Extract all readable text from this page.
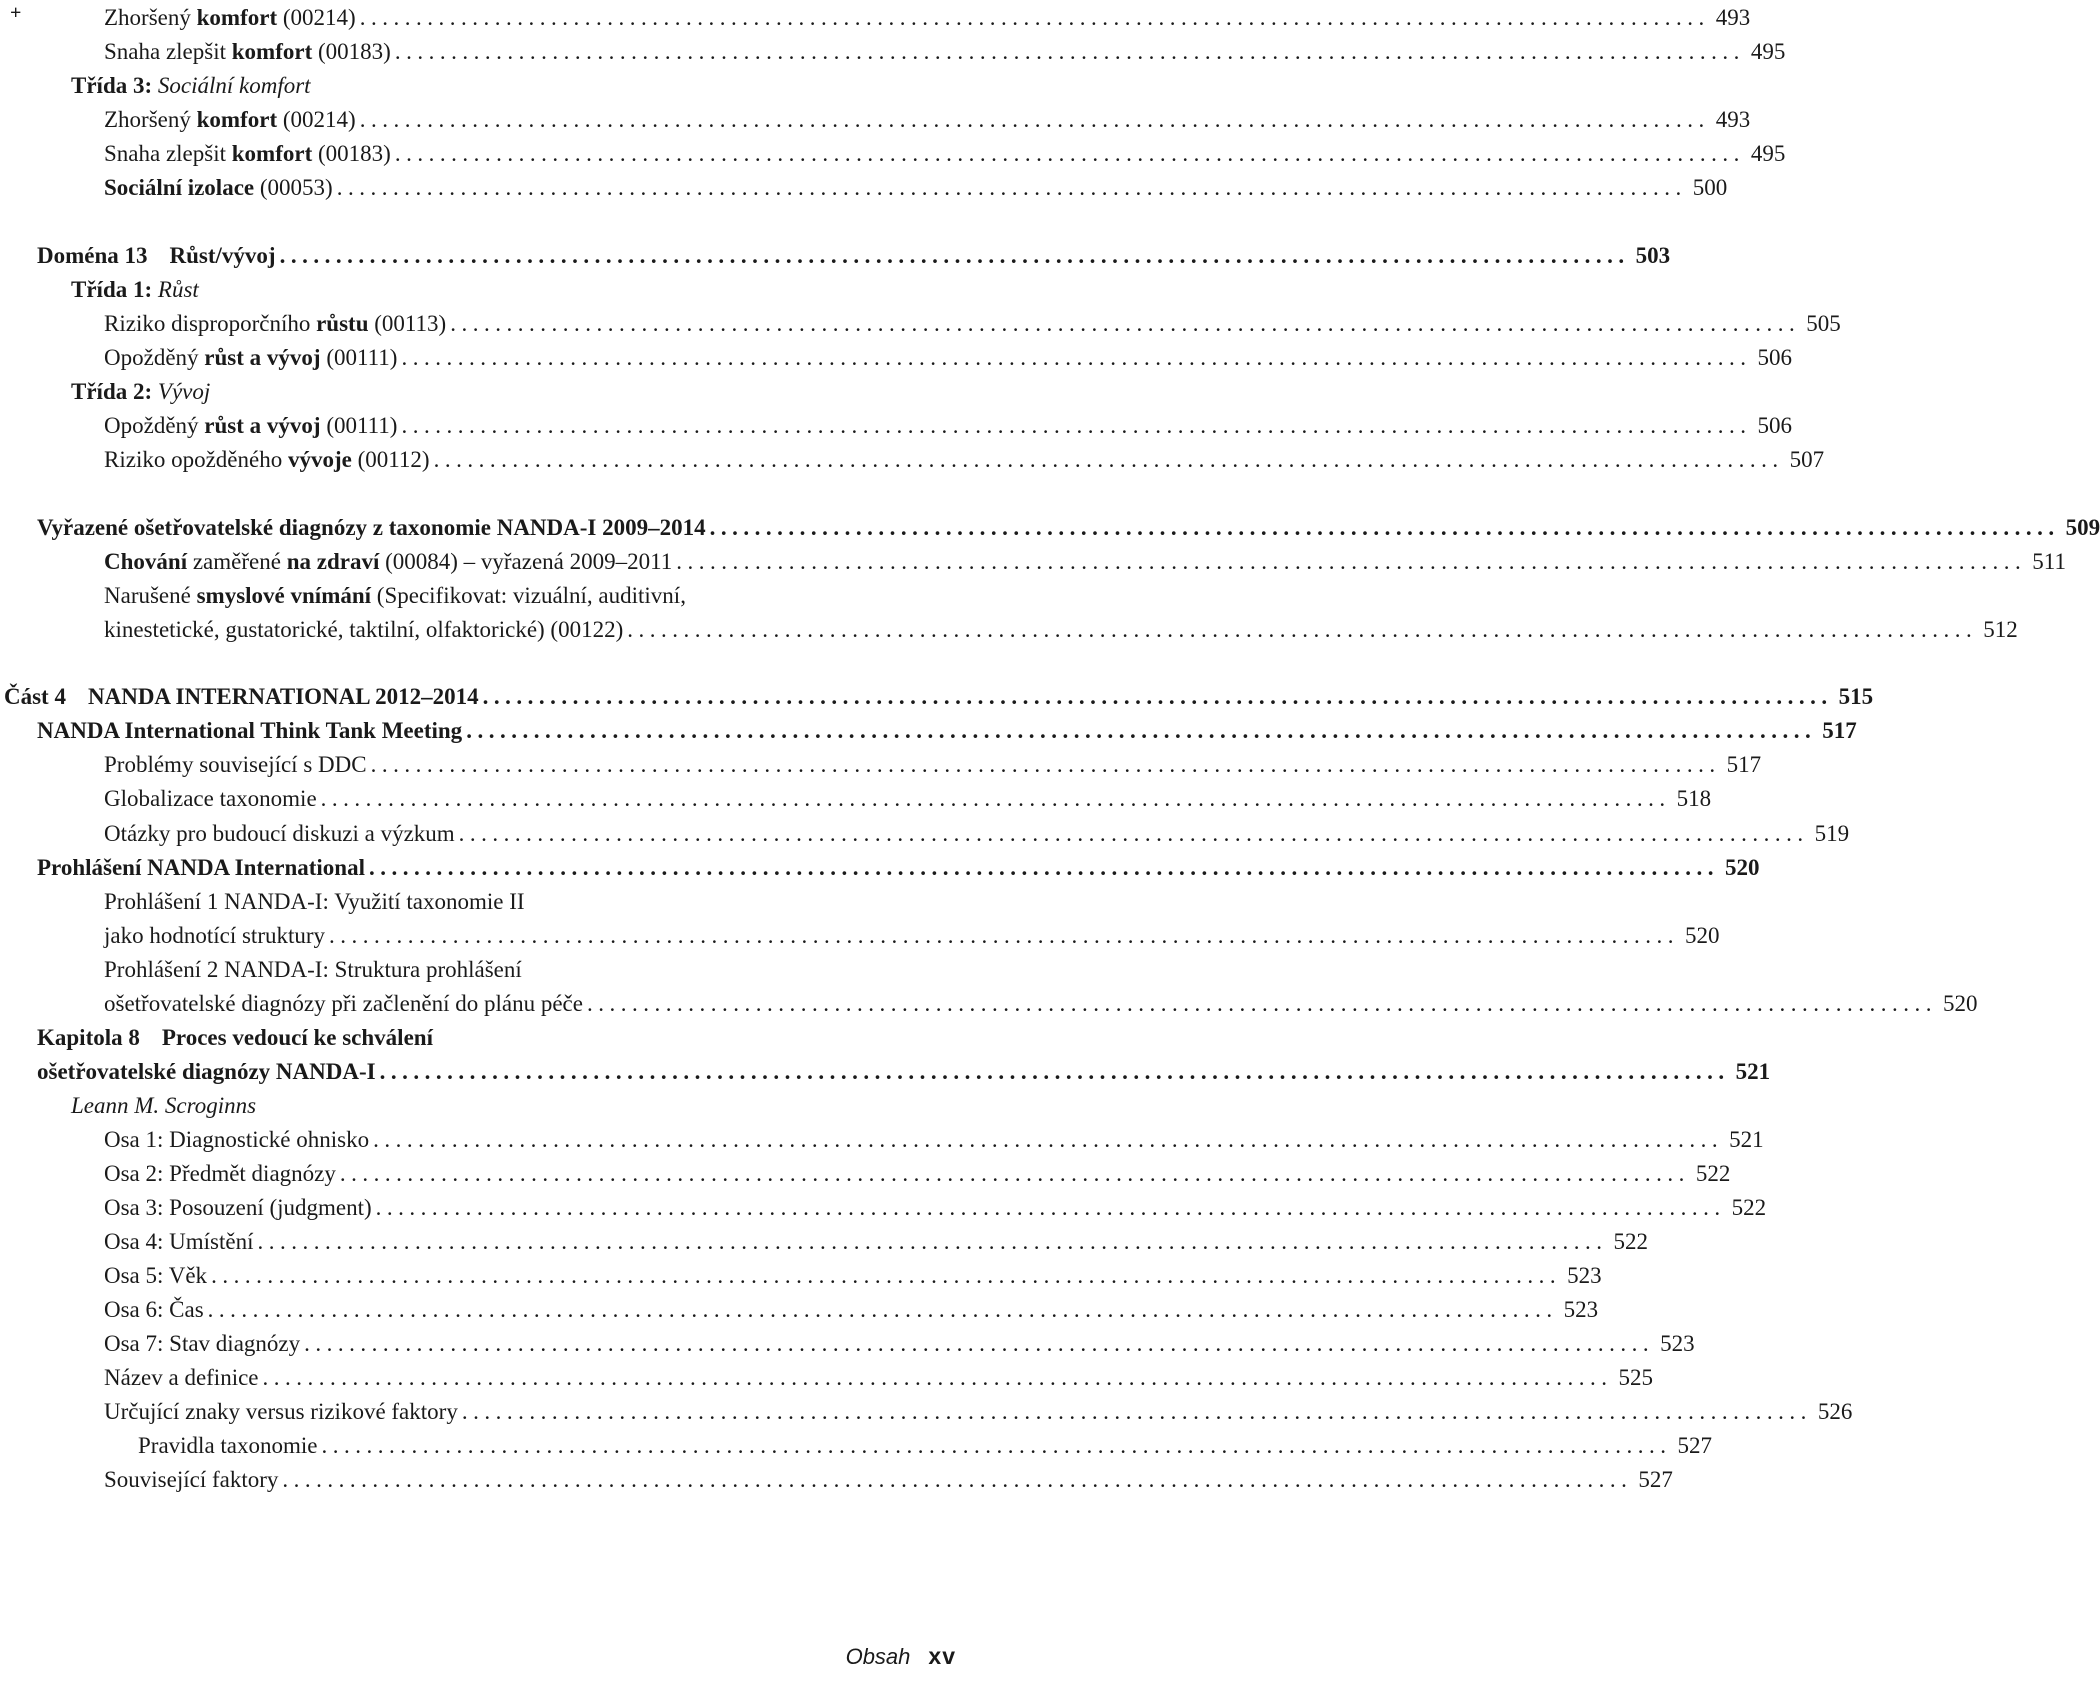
+	Zhoršený komfort (00214) ........................................................................................................................ 493
Snaha zlepšit komfort (00183) ........................................................................................................................ 495
Třída 3: Sociální komfort
Zhoršený komfort (00214) ........................................................................................................................ 493
Snaha zlepšit komfort (00183) ........................................................................................................................ 495
Sociální izolace (00053) ........................................................................................................................ 500
Doména 13 Růst/vývoj ........................................................................................................................ 503
Třída 1: Růst
Riziko disproporčního růstu (00113) ........................................................................................................................ 505
Opožděný růst a vývoj (00111) ........................................................................................................................ 506
Třída 2: Vývoj
Opožděný růst a vývoj (00111) ........................................................................................................................ 506
Riziko opožděného vývoje (00112) ........................................................................................................................ 507
Vyřazené ošetřovatelské diagnózy z taxonomie NANDA-I 2009–2014 ........................................................................................................................ 509
Chování zaměřené na zdraví (00084) – vyřazená 2009–2011 ........................................................................................................................ 511
Narušené smyslové vnímání (Specifikovat: vizuální, auditivní,
kinestetické, gustatorické, taktilní, olfaktorické) (00122) ........................................................................................................................ 512
Část 4 NANDA INTERNATIONAL 2012–2014 ........................................................................................................................ 515
NANDA International Think Tank Meeting ........................................................................................................................ 517
Problémy související s DDC ........................................................................................................................ 517
Globalizace taxonomie ........................................................................................................................ 518
Otázky pro budoucí diskuzi a výzkum ........................................................................................................................ 519
Prohlášení NANDA International ........................................................................................................................ 520
Prohlášení 1 NANDA-I: Využití taxonomie II
jako hodnotící struktury ........................................................................................................................ 520
Prohlášení 2 NANDA-I: Struktura prohlášení
ošetřovatelské diagnózy při začlenění do plánu péče ........................................................................................................................ 520
Kapitola 8 Proces vedoucí ke schválení
ošetřovatelské diagnózy NANDA-I ........................................................................................................................ 521
Leann M. Scroginns
Osa 1: Diagnostické ohnisko ........................................................................................................................ 521
Osa 2: Předmět diagnózy ........................................................................................................................ 522
Osa 3: Posouzení (judgment) ........................................................................................................................ 522
Osa 4: Umístění ........................................................................................................................ 522
Osa 5: Věk ........................................................................................................................ 523
Osa 6: Čas ........................................................................................................................ 523
Osa 7: Stav diagnózy ........................................................................................................................ 523
Název a definice ........................................................................................................................ 525
Určující znaky versus rizikové faktory ........................................................................................................................ 526
Pravidla taxonomie ........................................................................................................................ 527
Související faktory ........................................................................................................................ 527
Obsah xv
